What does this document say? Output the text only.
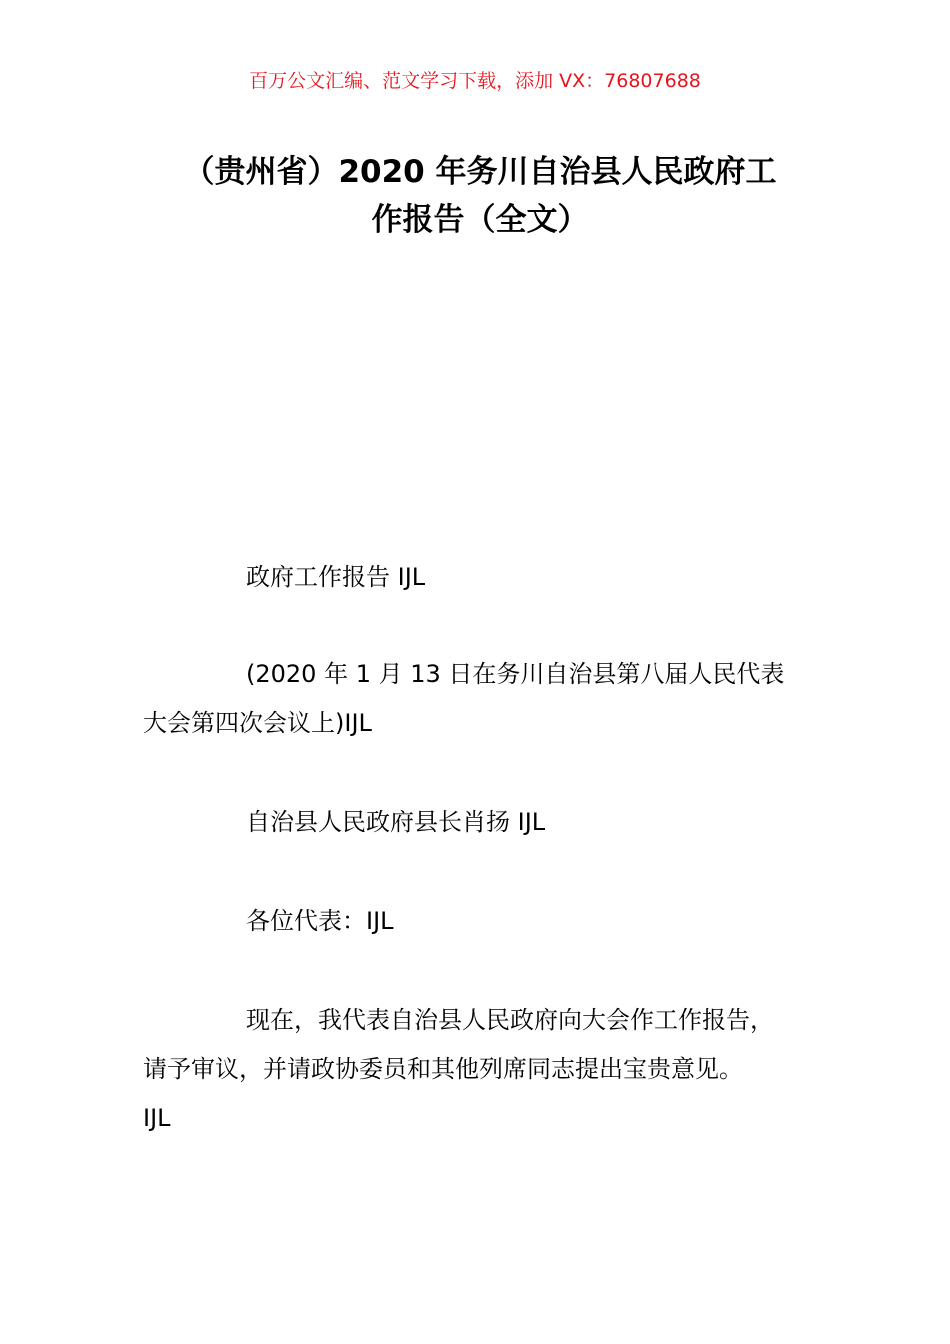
百万公文汇编、范文学习下载，添加 VX：76807688
（贵州省）2020 年务川自治县人民政府工
作报告（全文）
政府工作报告 IJL
(2020 年 1 月 13 日在务川自治县第八届人民代表
大会第四次会议上)IJL
自治县人民政府县长肖扬 IJL
各位代表：IJL
现在，我代表自治县人民政府向大会作工作报告，
请予审议，并请政协委员和其他列席同志提出宝贵意见。
IJL
